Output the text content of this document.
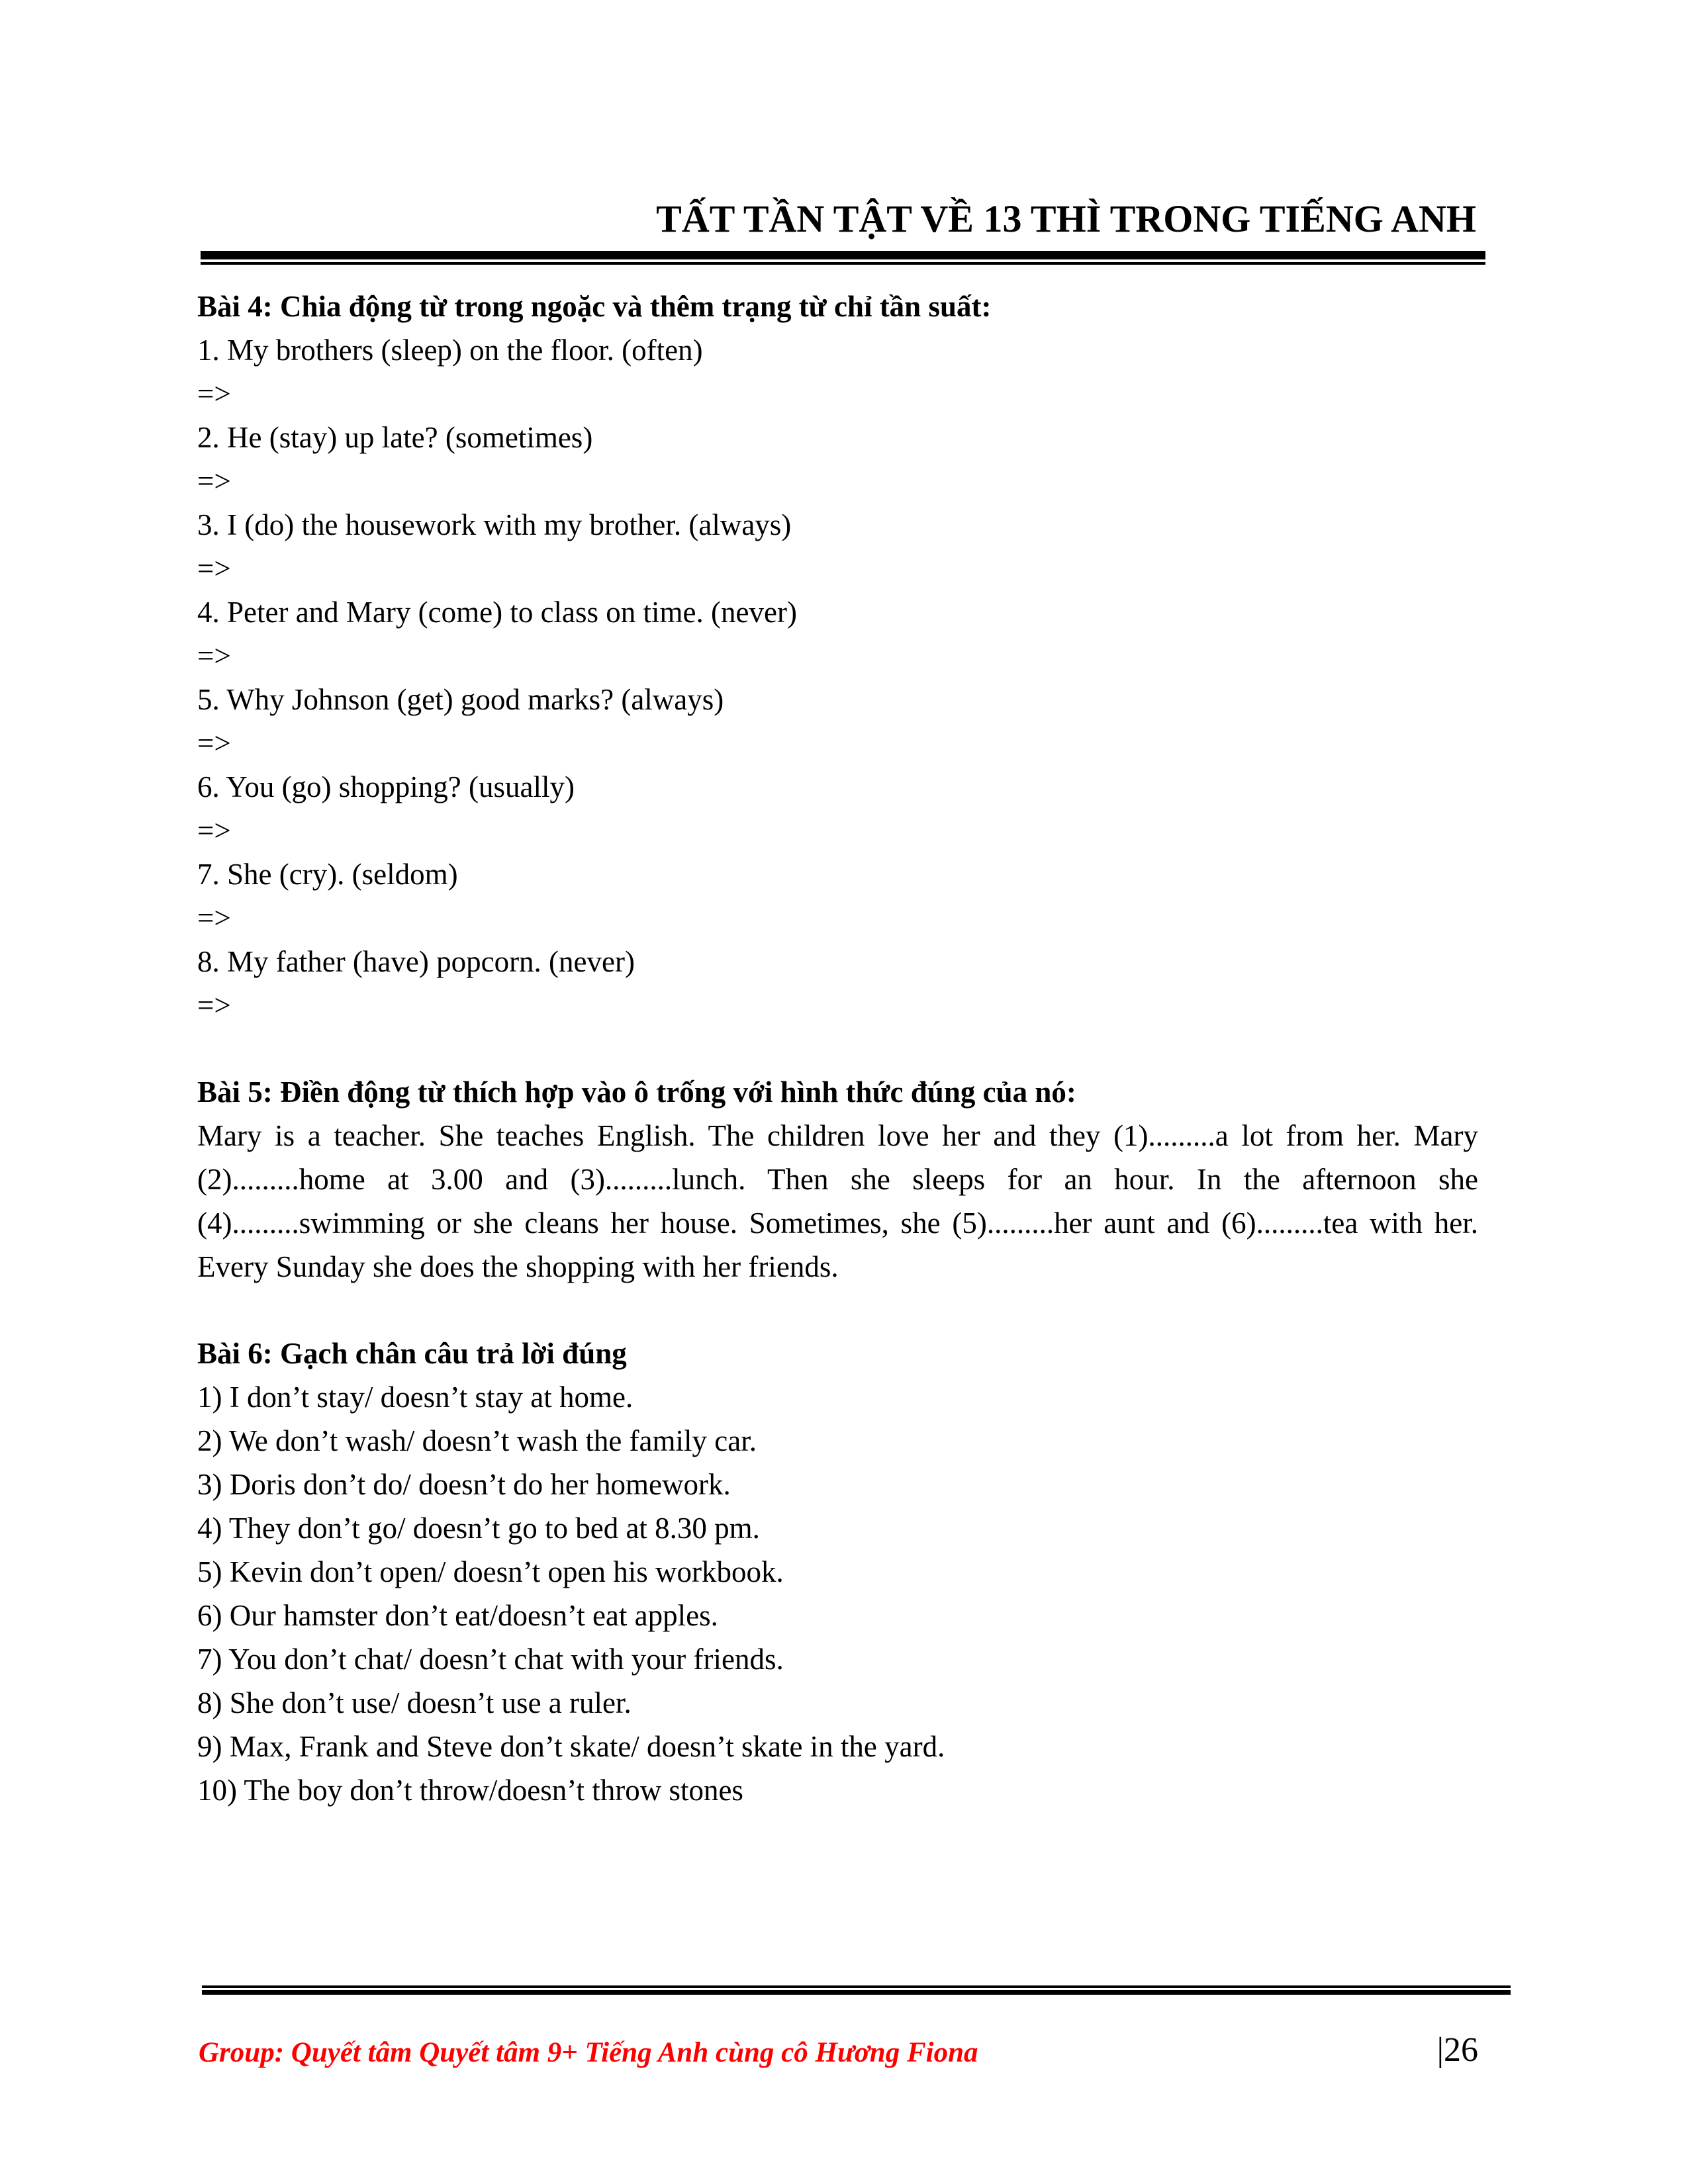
TẤT TẦN TẬT VỀ 13 THÌ TRONG TIẾNG ANH

Bài 4: Chia động từ trong ngoặc và thêm trạng từ chỉ tần suất:

1. My brothers (sleep) on the floor. (often)

=>

2. He (stay) up late? (sometimes)

=>

3. I (do) the housework with my brother. (always)

=>

4. Peter and Mary (come) to class on time. (never)

=>

5. Why Johnson (get) good marks? (always)

=>

6. You (go) shopping? (usually)

=>

7. She (cry). (seldom)

=>

8. My father (have) popcorn. (never)

=>

Bài 5: Điền động từ thích hợp vào ô trống với hình thức đúng của nó:

Mary is a teacher. She teaches English. The children love her and they (1).........a lot from her. Mary (2).........home at 3.00 and (3).........lunch. Then she sleeps for an hour. In the afternoon she (4).........swimming or she cleans her house. Sometimes, she (5).........her aunt and (6).........tea with her. Every Sunday she does the shopping with her friends.

Bài 6: Gạch chân câu trả lời đúng

1) I don’t stay/ doesn’t stay at home.

2) We don’t wash/ doesn’t wash the family car.

3) Doris don’t do/ doesn’t do her homework.

4) They don’t go/ doesn’t go to bed at 8.30 pm.

5) Kevin don’t open/ doesn’t open his workbook.

6) Our hamster don’t eat/doesn’t eat apples.

7) You don’t chat/ doesn’t chat with your friends.

8) She don’t use/ doesn’t use a ruler.

9) Max, Frank and Steve don’t skate/ doesn’t skate in the yard.

10) The boy don’t throw/doesn’t throw stones

Group: Quyết tâm Quyết tâm 9+ Tiếng Anh cùng cô Hương Fiona	|26
